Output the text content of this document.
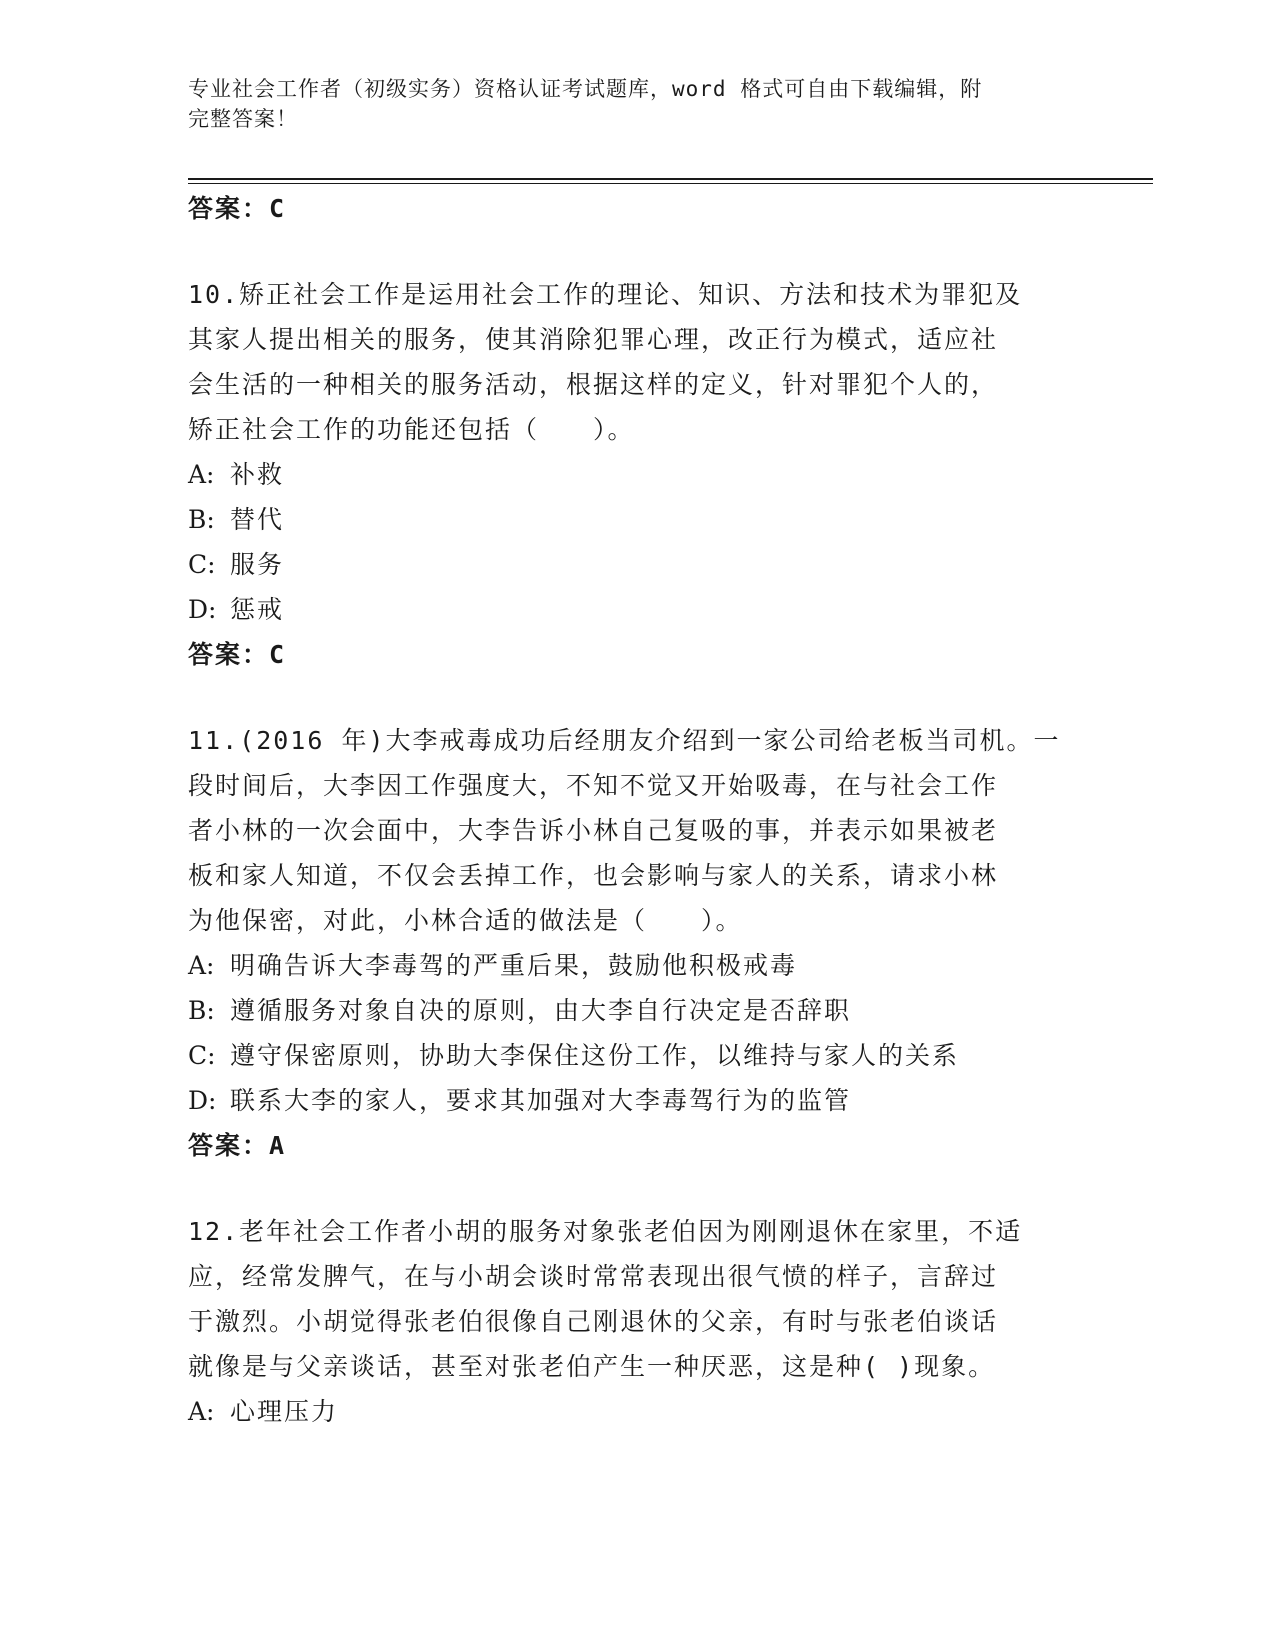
专业社会工作者（初级实务）资格认证考试题库，word 格式可自由下载编辑，附
完整答案！
答案：C
10.矫正社会工作是运用社会工作的理论、知识、方法和技术为罪犯及
其家人提出相关的服务，使其消除犯罪心理，改正行为模式，适应社
会生活的一种相关的服务活动，根据这样的定义，针对罪犯个人的，
矫正社会工作的功能还包括（　　）。
A: 补救
B: 替代
C: 服务
D: 惩戒
答案：C
11.(2016 年)大李戒毒成功后经朋友介绍到一家公司给老板当司机。一
段时间后，大李因工作强度大，不知不觉又开始吸毒，在与社会工作
者小林的一次会面中，大李告诉小林自己复吸的事，并表示如果被老
板和家人知道，不仅会丢掉工作，也会影响与家人的关系，请求小林
为他保密，对此，小林合适的做法是（　　）。
A: 明确告诉大李毒驾的严重后果，鼓励他积极戒毒
B: 遵循服务对象自决的原则，由大李自行决定是否辞职
C: 遵守保密原则，协助大李保住这份工作，以维持与家人的关系
D: 联系大李的家人，要求其加强对大李毒驾行为的监管
答案：A
12.老年社会工作者小胡的服务对象张老伯因为刚刚退休在家里，不适
应，经常发脾气，在与小胡会谈时常常表现出很气愤的样子，言辞过
于激烈。小胡觉得张老伯很像自己刚退休的父亲，有时与张老伯谈话
就像是与父亲谈话，甚至对张老伯产生一种厌恶，这是种( )现象。
A: 心理压力
